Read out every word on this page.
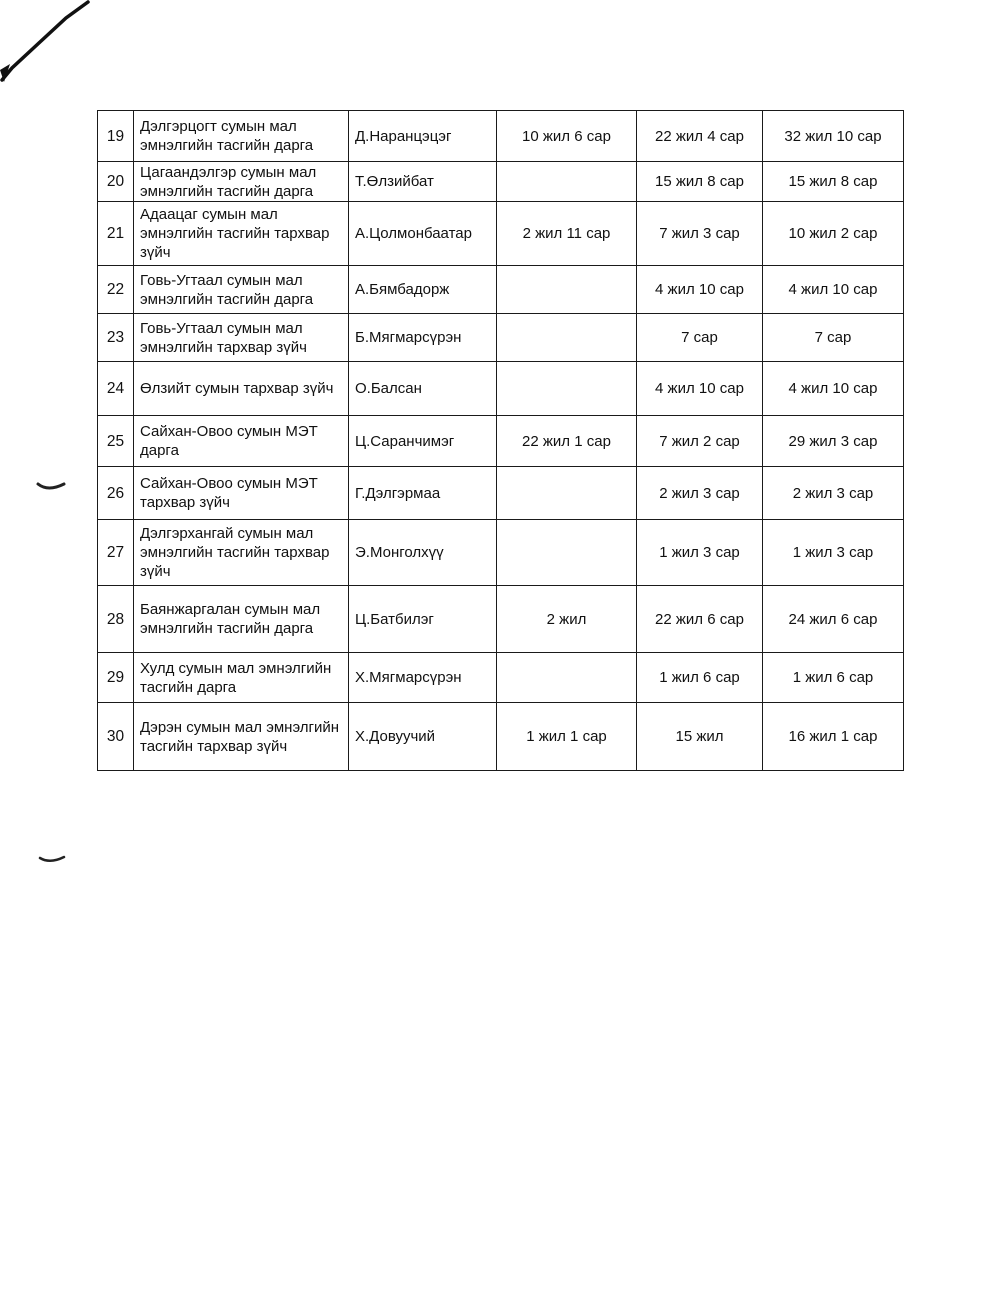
19	Дэлгэрцогт сумын мал эмнэлгийн тасгийн дарга	Д.Наранцэцэг	10 жил 6 сар	22 жил 4 сар	32 жил 10 сар
20	Цагаандэлгэр сумын мал эмнэлгийн тасгийн дарга	Т.Өлзийбат		15 жил 8 сар	15 жил 8 сар
21	Адаацаг сумын мал эмнэлгийн тасгийн тархвар зүйч	А.Цолмонбаатар	2 жил 11 сар	7 жил 3 сар	10 жил 2 сар
22	Говь-Угтаал сумын мал эмнэлгийн тасгийн дарга	А.Бямбадорж		4 жил 10 сар	4 жил 10 сар
23	Говь-Угтаал сумын мал эмнэлгийн тархвар зүйч	Б.Мягмарсүрэн		7 сар	7 сар
24	Өлзийт сумын тархвар зүйч	О.Балсан		4 жил 10 сар	4 жил 10 сар
25	Сайхан-Овоо сумын МЭТ дарга	Ц.Саранчимэг	22 жил 1 сар	7 жил 2 сар	29 жил 3 сар
26	Сайхан-Овоо сумын МЭТ тархвар зүйч	Г.Дэлгэрмаа		2 жил 3 сар	2 жил 3 сар
27	Дэлгэрхангай сумын мал эмнэлгийн тасгийн тархвар зүйч	Э.Монголхүү		1 жил 3 сар	1 жил 3 сар
28	Баянжаргалан сумын мал эмнэлгийн тасгийн дарга	Ц.Батбилэг	2 жил	22 жил 6 сар	24 жил 6 сар
29	Хулд сумын мал эмнэлгийн тасгийн дарга	Х.Мягмарсүрэн		1 жил 6 сар	1 жил 6 сар
30	Дэрэн сумын мал эмнэлгийн тасгийн тархвар зүйч	Х.Довуучий	1 жил 1 сар	15 жил	16 жил 1 сар
